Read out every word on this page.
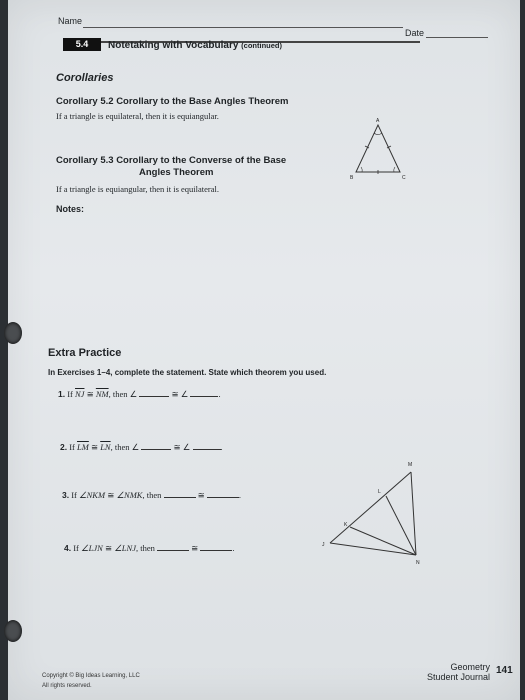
Name
Date
5.4	Notetaking with Vocabulary (continued)
Corollaries
Corollary 5.2 Corollary to the Base Angles Theorem
If a triangle is equilateral, then it is equiangular.
Corollary 5.3 Corollary to the Converse of the Base
Angles Theorem
If a triangle is equiangular, then it is equilateral.
Notes:
A
B	C
Extra Practice
In Exercises 1–4, complete the statement. State which theorem you used.
1. If $\overline{NJ}$ ≅ $\overline{NM}$, then ∠	≅ ∠	.
2. If $\overline{LM}$ ≅ $\overline{LN}$, then ∠	≅ ∠	.
3. If ∠NKM ≅ ∠NMK, then	≅	.
4. If ∠LJN ≅ ∠LNJ, then	≅	.
M
L
K
J
N
Copyright © Big Ideas Learning, LLC
All rights reserved.
Geometry
Student Journal
141
